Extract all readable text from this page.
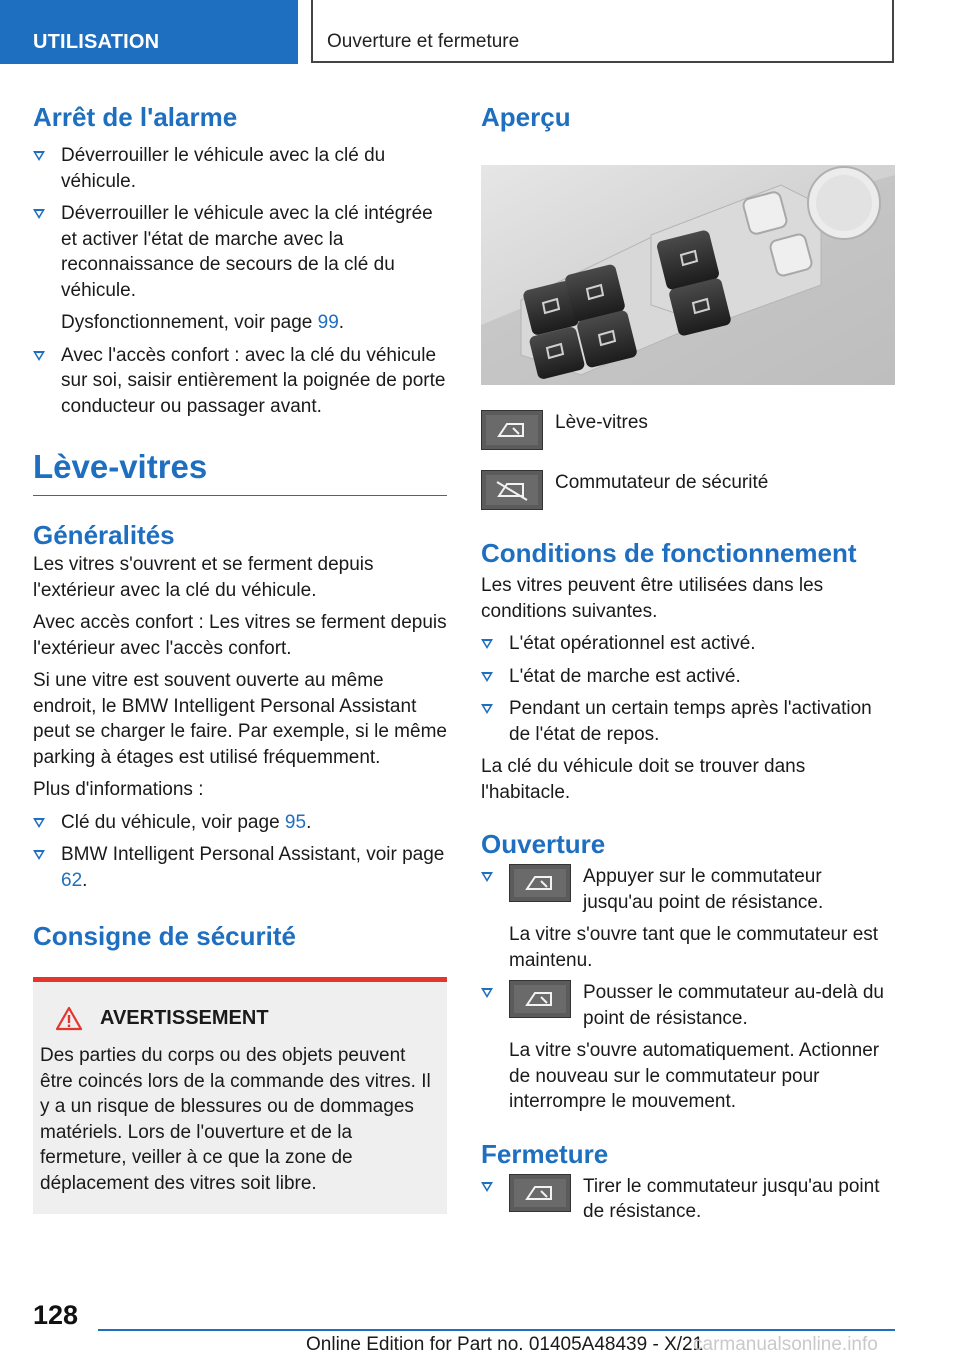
UTILISATION	Ouverture et fermeture
Arrêt de l'alarme
Déverrouiller le véhicule avec la clé du véhicule.
Déverrouiller le véhicule avec la clé intégrée et activer l'état de marche avec la reconnaissance de secours de la clé du véhicule.
Dysfonctionnement, voir page 99.
Avec l'accès confort : avec la clé du véhicule sur soi, saisir entièrement la poignée de porte conducteur ou passager avant.
Lève-vitres
Généralités

Les vitres s'ouvrent et se ferment depuis l'extérieur avec la clé du véhicule.

Avec accès confort : Les vitres se ferment depuis l'extérieur avec l'accès confort.

Si une vitre est souvent ouverte au même endroit, le BMW Intelligent Personal Assistant peut se charger le faire. Par exemple, si le même parking à étages est utilisé fréquemment.

Plus d'informations :

Clé du véhicule, voir page 95.
BMW Intelligent Personal Assistant, voir page 62.
Consigne de sécurité
AVERTISSEMENT

Des parties du corps ou des objets peuvent être coincés lors de la commande des vitres. Il y a un risque de blessures ou de dommages matériels. Lors de l'ouverture et de la fermeture, veiller à ce que la zone de déplacement des vitres soit libre.

Aperçu
Lève-vitres
Commutateur de sécurité
Conditions de fonctionnement

Les vitres peuvent être utilisées dans les conditions suivantes.

L'état opérationnel est activé.
L'état de marche est activé.
Pendant un certain temps après l'activation de l'état de repos.

La clé du véhicule doit se trouver dans l'habitacle.

Ouverture
Appuyer sur le commutateur jusqu'au point de résistance.
La vitre s'ouvre tant que le commutateur est maintenu.
Pousser le commutateur au-delà du point de résistance.
La vitre s'ouvre automatiquement. Actionner de nouveau sur le commutateur pour interrompre le mouvement.
Fermeture
Tirer le commutateur jusqu'au point de résistance.
128
Online Edition for Part no. 01405A48439 - X/21
carmanualsonline.info
